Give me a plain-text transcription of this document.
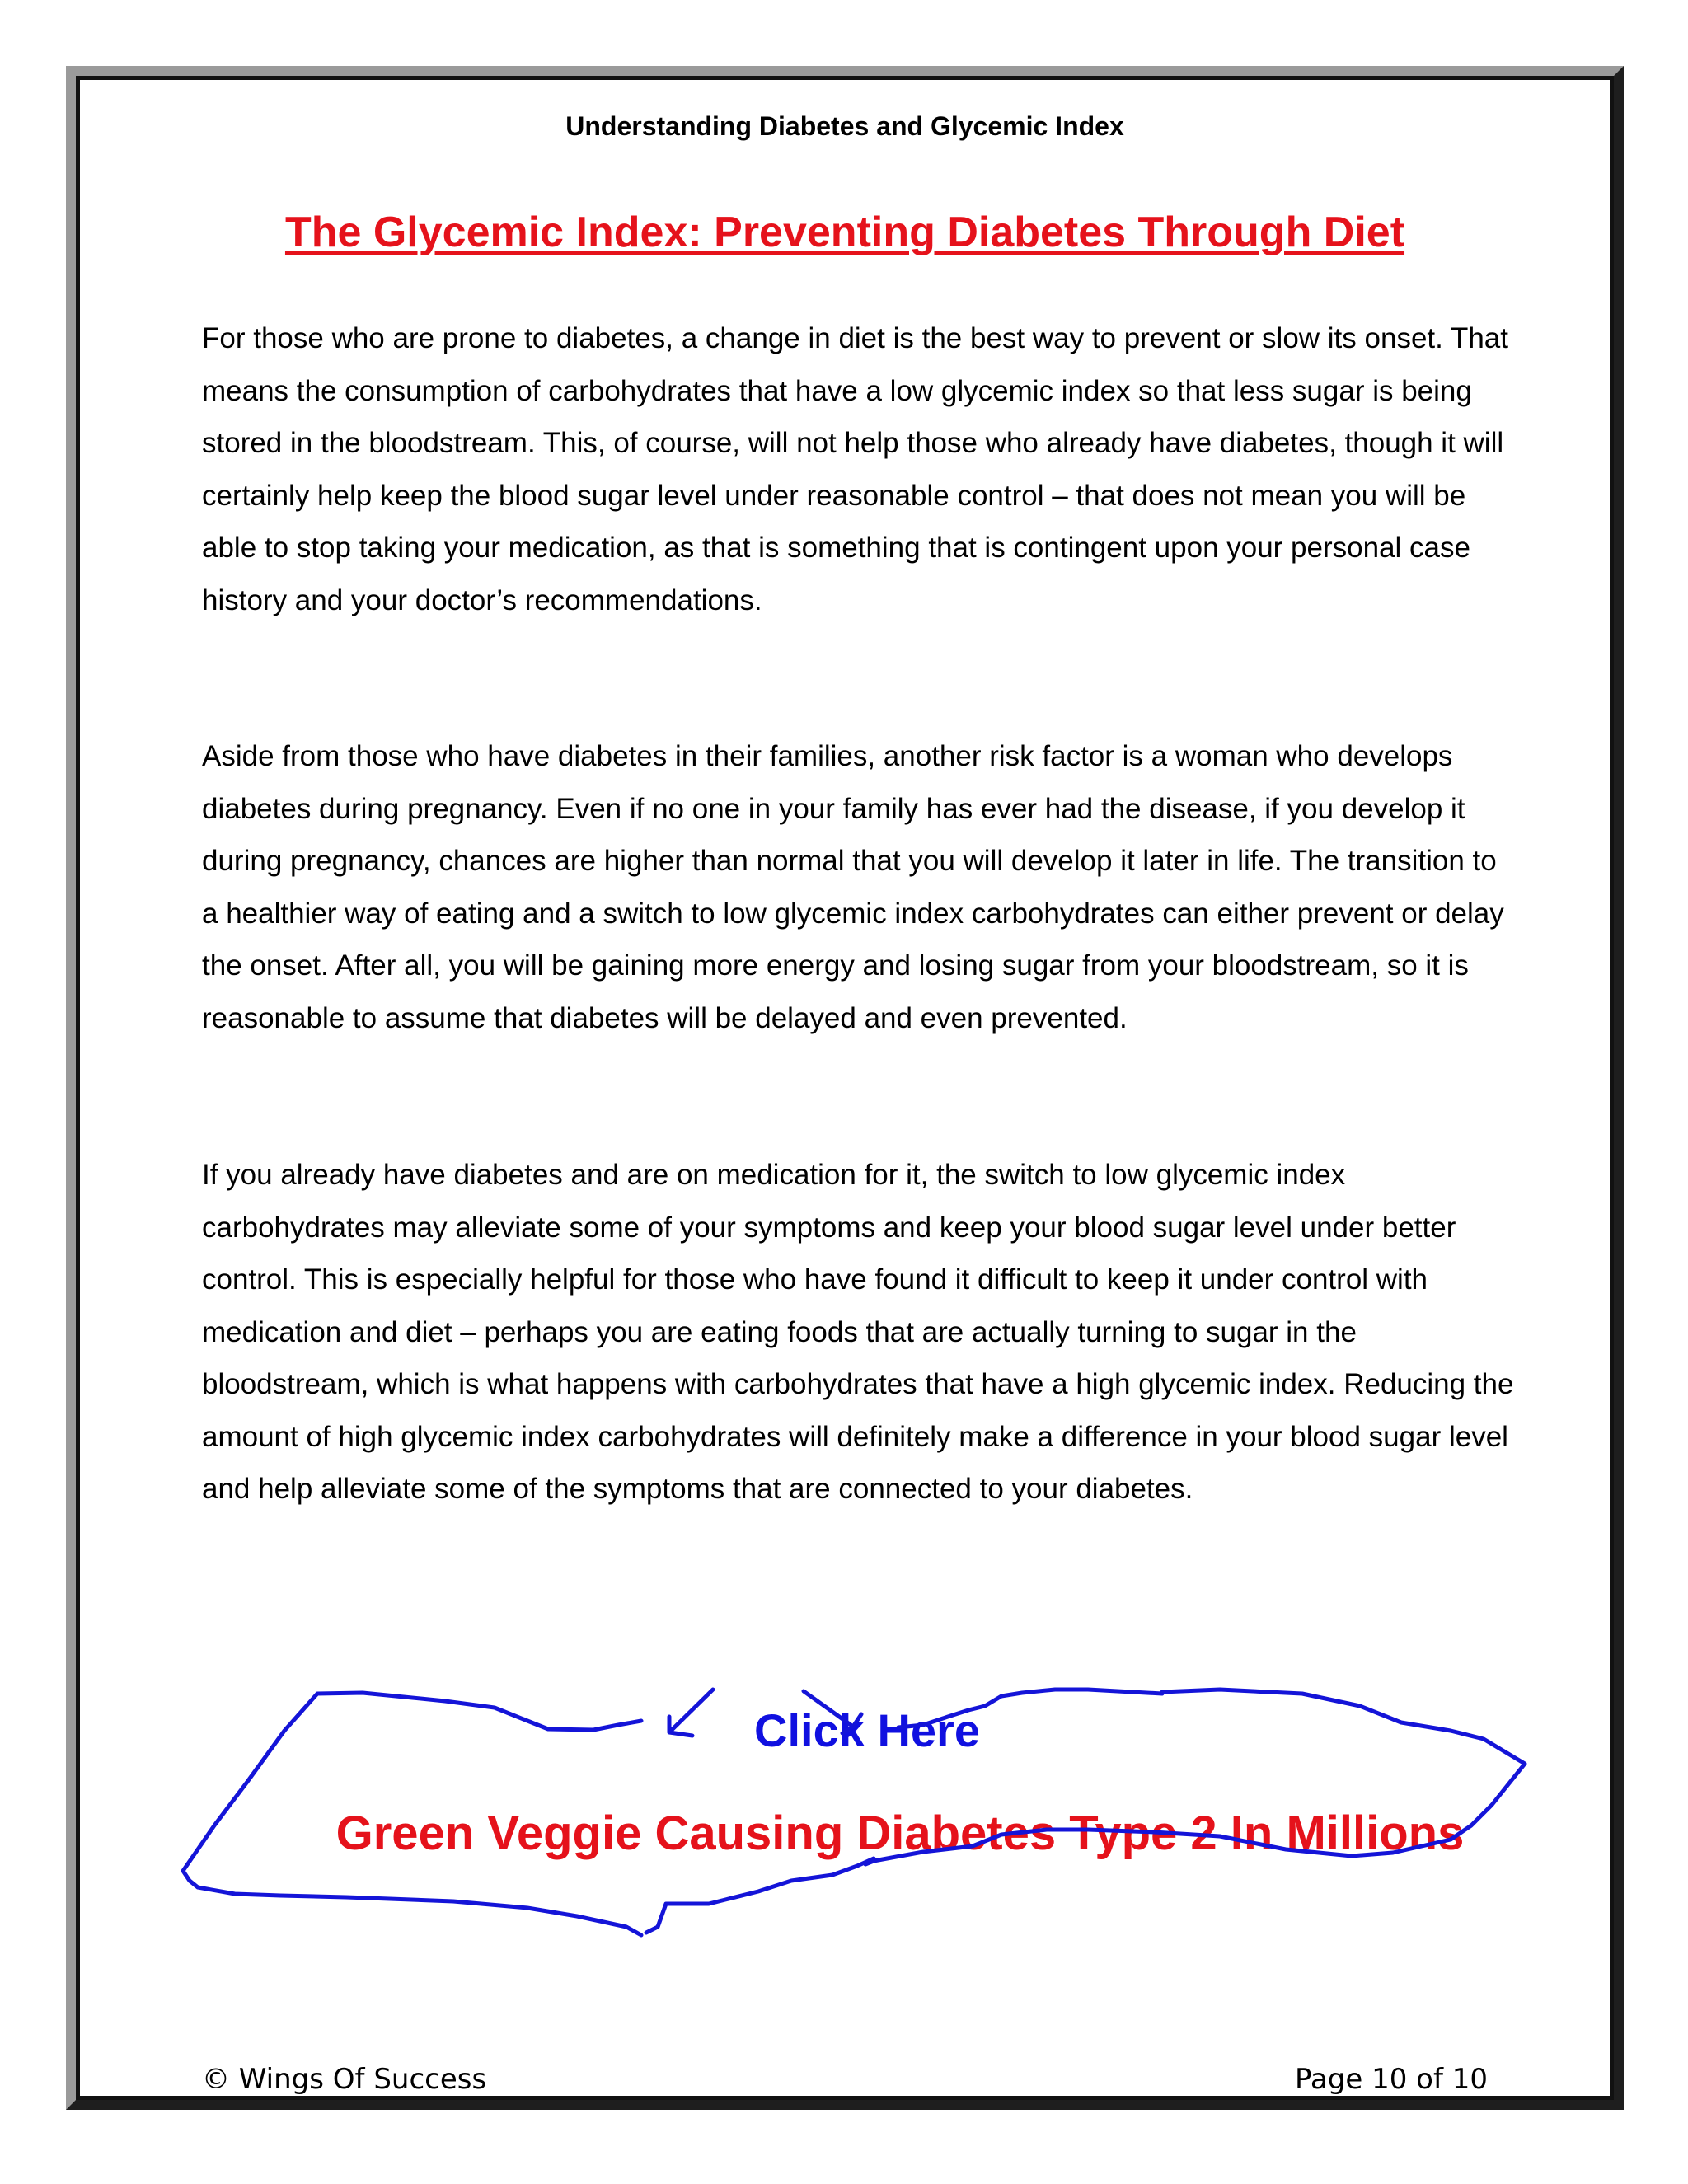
Understanding Diabetes and Glycemic Index
The Glycemic Index: Preventing Diabetes Through Diet

For those who are prone to diabetes, a change in diet is the best way to prevent or slow its onset. That means the consumption of carbohydrates that have a low glycemic index so that less sugar is being stored in the bloodstream. This, of course, will not help those who already have diabetes, though it will certainly help keep the blood sugar level under reasonable control – that does not mean you will be able to stop taking your medication, as that is something that is contingent upon your personal case history and your doctor’s recommendations.

Aside from those who have diabetes in their families, another risk factor is a woman who develops diabetes during pregnancy. Even if no one in your family has ever had the disease, if you develop it during pregnancy, chances are higher than normal that you will develop it later in life. The transition to a healthier way of eating and a switch to low glycemic index carbohydrates can either prevent or delay the onset. After all, you will be gaining more energy and losing sugar from your bloodstream, so it is reasonable to assume that diabetes will be delayed and even prevented.

If you already have diabetes and are on medication for it, the switch to low glycemic index carbohydrates may alleviate some of your symptoms and keep your blood sugar level under better control. This is especially helpful for those who have found it difficult to keep it under control with medication and diet – perhaps you are eating foods that are actually turning to sugar in the bloodstream, which is what happens with carbohydrates that have a high glycemic index. Reducing the amount of high glycemic index carbohydrates will definitely make a difference in your blood sugar level and help alleviate some of the symptoms that are connected to your diabetes.

Click Here
Green Veggie Causing Diabetes Type 2 In Millions
© Wings Of Success	Page 10 of 10
